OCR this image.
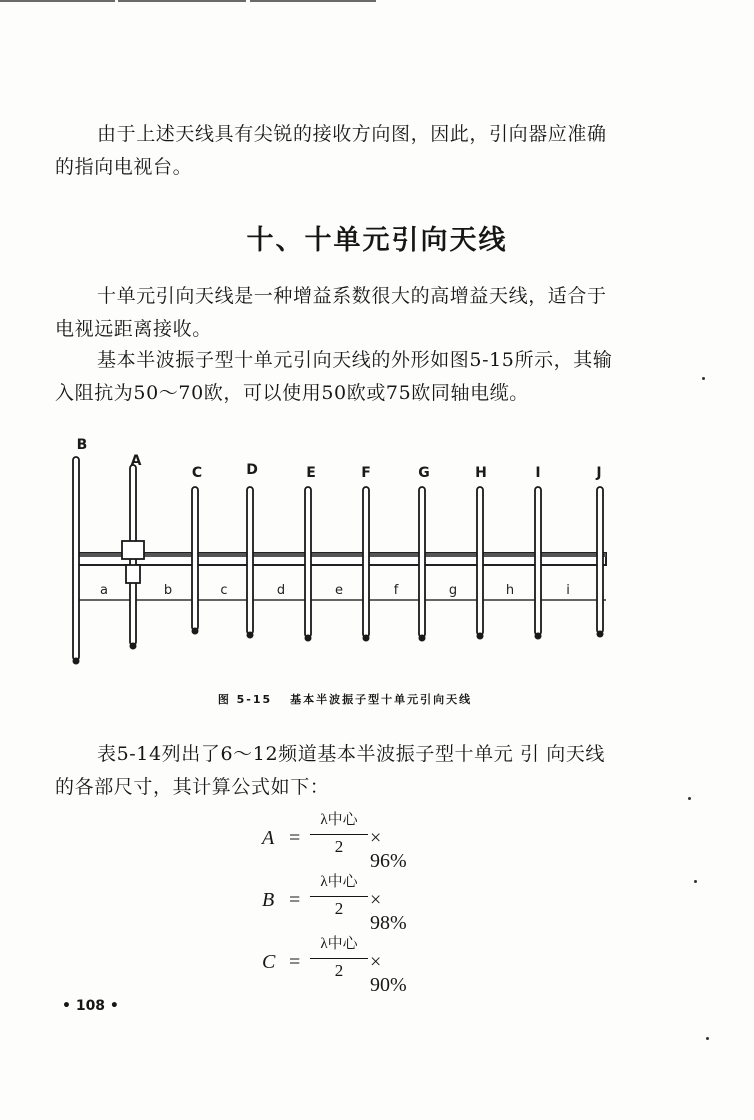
由于上述天线具有尖锐的接收方向图，因此，引向器应准确的指向电视台。

十、十单元引向天线

十单元引向天线是一种增益系数很大的高增益天线，适合于电视远距离接收。

基本半波振子型十单元引向天线的外形如图5-15所示，其输入阻抗为50～70欧，可以使用50欧或75欧同轴电缆。

B
A
C	D	E	F	G	H	I	J
a	b	c	d	e	f	g	h	i
图 5-15 基本半波振子型十单元引向天线

表5-14列出了6～12频道基本半波振子型十单元 引 向天线的各部尺寸，其计算公式如下：

A =
λ中心
2	× 96%
B =
λ中心
2	× 98%
C =
λ中心
2	× 90%
• 108 •
